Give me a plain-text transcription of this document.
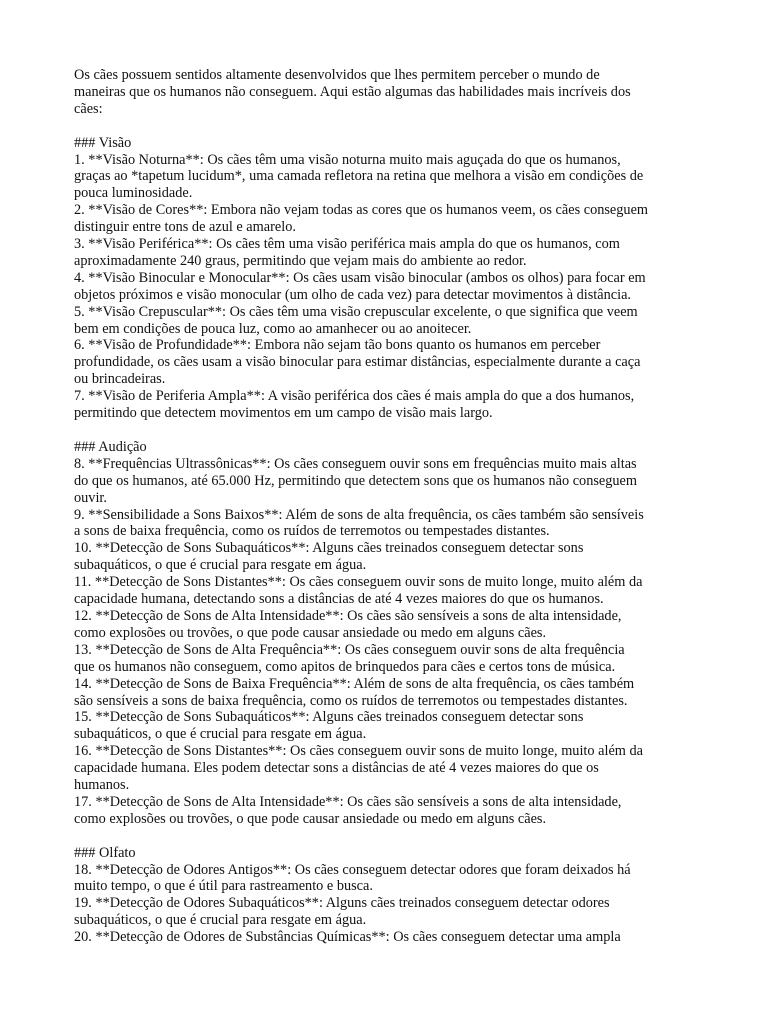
Os cães possuem sentidos altamente desenvolvidos que lhes permitem perceber o mundo de

maneiras que os humanos não conseguem. Aqui estão algumas das habilidades mais incríveis dos

cães:

### Visão

1. **Visão Noturna**: Os cães têm uma visão noturna muito mais aguçada do que os humanos,

graças ao *tapetum lucidum*, uma camada refletora na retina que melhora a visão em condições de

pouca luminosidade.

2. **Visão de Cores**: Embora não vejam todas as cores que os humanos veem, os cães conseguem

distinguir entre tons de azul e amarelo.

3. **Visão Periférica**: Os cães têm uma visão periférica mais ampla do que os humanos, com

aproximadamente 240 graus, permitindo que vejam mais do ambiente ao redor.

4. **Visão Binocular e Monocular**: Os cães usam visão binocular (ambos os olhos) para focar em

objetos próximos e visão monocular (um olho de cada vez) para detectar movimentos à distância.

5. **Visão Crepuscular**: Os cães têm uma visão crepuscular excelente, o que significa que veem

bem em condições de pouca luz, como ao amanhecer ou ao anoitecer.

6. **Visão de Profundidade**: Embora não sejam tão bons quanto os humanos em perceber

profundidade, os cães usam a visão binocular para estimar distâncias, especialmente durante a caça

ou brincadeiras.

7. **Visão de Periferia Ampla**: A visão periférica dos cães é mais ampla do que a dos humanos,

permitindo que detectem movimentos em um campo de visão mais largo.

### Audição

8. **Frequências Ultrassônicas**: Os cães conseguem ouvir sons em frequências muito mais altas

do que os humanos, até 65.000 Hz, permitindo que detectem sons que os humanos não conseguem

ouvir.

9. **Sensibilidade a Sons Baixos**: Além de sons de alta frequência, os cães também são sensíveis

a sons de baixa frequência, como os ruídos de terremotos ou tempestades distantes.

10. **Detecção de Sons Subaquáticos**: Alguns cães treinados conseguem detectar sons

subaquáticos, o que é crucial para resgate em água.

11. **Detecção de Sons Distantes**: Os cães conseguem ouvir sons de muito longe, muito além da

capacidade humana, detectando sons a distâncias de até 4 vezes maiores do que os humanos.

12. **Detecção de Sons de Alta Intensidade**: Os cães são sensíveis a sons de alta intensidade,

como explosões ou trovões, o que pode causar ansiedade ou medo em alguns cães.

13. **Detecção de Sons de Alta Frequência**: Os cães conseguem ouvir sons de alta frequência

que os humanos não conseguem, como apitos de brinquedos para cães e certos tons de música.

14. **Detecção de Sons de Baixa Frequência**: Além de sons de alta frequência, os cães também

são sensíveis a sons de baixa frequência, como os ruídos de terremotos ou tempestades distantes.

15. **Detecção de Sons Subaquáticos**: Alguns cães treinados conseguem detectar sons

subaquáticos, o que é crucial para resgate em água.

16. **Detecção de Sons Distantes**: Os cães conseguem ouvir sons de muito longe, muito além da

capacidade humana. Eles podem detectar sons a distâncias de até 4 vezes maiores do que os

humanos.

17. **Detecção de Sons de Alta Intensidade**: Os cães são sensíveis a sons de alta intensidade,

como explosões ou trovões, o que pode causar ansiedade ou medo em alguns cães.

### Olfato

18. **Detecção de Odores Antigos**: Os cães conseguem detectar odores que foram deixados há

muito tempo, o que é útil para rastreamento e busca.

19. **Detecção de Odores Subaquáticos**: Alguns cães treinados conseguem detectar odores

subaquáticos, o que é crucial para resgate em água.

20. **Detecção de Odores de Substâncias Químicas**: Os cães conseguem detectar uma ampla
